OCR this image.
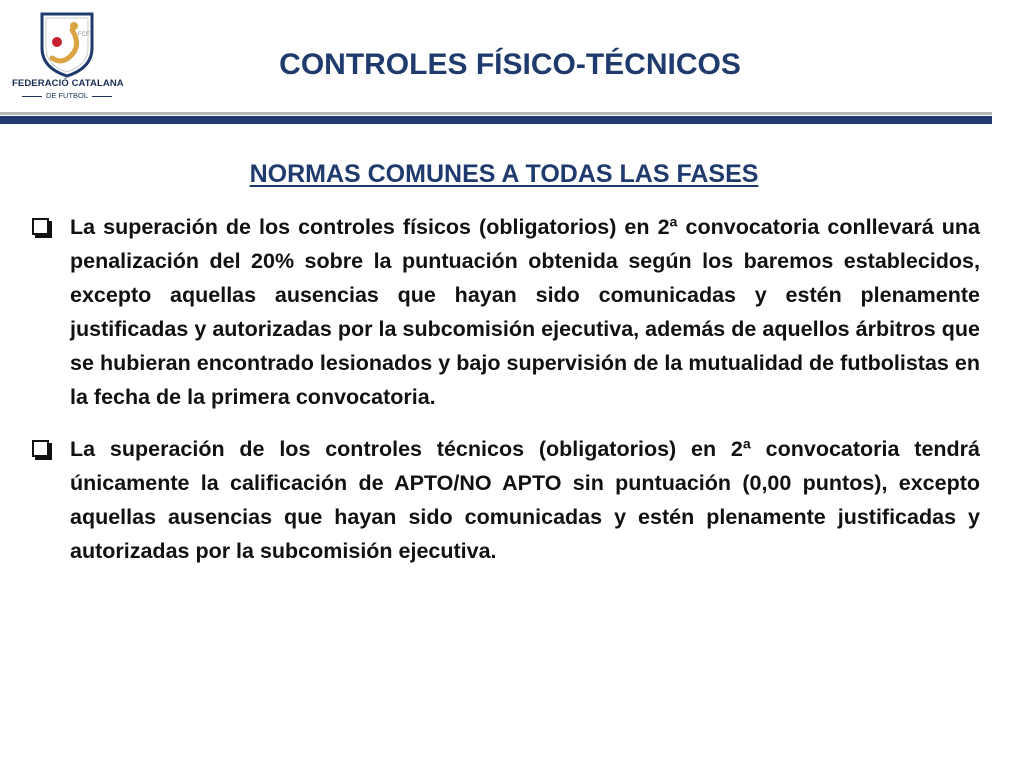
FCF
FEDERACIÓ CATALANA
DE FUTBOL
CONTROLES FÍSICO-TÉCNICOS
NORMAS COMUNES A TODAS LAS FASES
La superación de los controles físicos (obligatorios) en 2ª convocatoria conllevará una penalización del 20% sobre la puntuación obtenida según los baremos establecidos, excepto aquellas ausencias que hayan sido comunicadas y estén plenamente justificadas y autorizadas por la subcomisión ejecutiva, además de aquellos árbitros que se hubieran encontrado lesionados y bajo supervisión de la mutualidad de futbolistas en la fecha de la primera convocatoria.
La superación de los controles técnicos (obligatorios) en 2ª convocatoria tendrá únicamente la calificación de APTO/NO APTO sin puntuación (0,00 puntos), excepto aquellas ausencias que hayan sido comunicadas y estén plenamente justificadas y autorizadas por la subcomisión ejecutiva.
